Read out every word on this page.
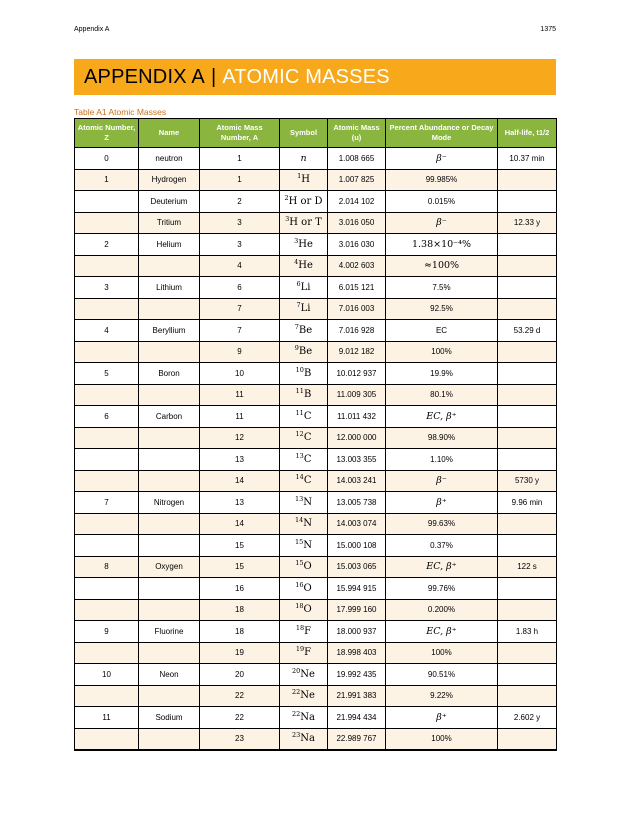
Appendix A	1375
APPENDIX A | ATOMIC MASSES
Table A1 Atomic Masses
Atomic Number, Z	Name	Atomic Mass Number, A	Symbol	Atomic Mass (u)	Percent Abundance or Decay Mode	Half-life, t1/2
0	neutron	1	n	1.008 665	β⁻	10.37 min
1	Hydrogen	1	$^1$H	1.007 825	99.985%	
	Deuterium	2	$^2$H or D	2.014 102	0.015%	
	Tritium	3	$^3$H or T	3.016 050	β⁻	12.33 y
2	Helium	3	$^3$He	3.016 030	1.38×10⁻⁴%	
		4	$^4$He	4.002 603	≈100%	
3	Lithium	6	$^6$Li	6.015 121	7.5%	
		7	$^7$Li	7.016 003	92.5%	
4	Beryllium	7	$^7$Be	7.016 928	EC	53.29 d
		9	$^9$Be	9.012 182	100%	
5	Boron	10	$^{10}$B	10.012 937	19.9%	
		11	$^{11}$B	11.009 305	80.1%	
6	Carbon	11	$^{11}$C	11.011 432	EC, β⁺	
		12	$^{12}$C	12.000 000	98.90%	
		13	$^{13}$C	13.003 355	1.10%	
		14	$^{14}$C	14.003 241	β⁻	5730 y
7	Nitrogen	13	$^{13}$N	13.005 738	β⁺	9.96 min
		14	$^{14}$N	14.003 074	99.63%	
		15	$^{15}$N	15.000 108	0.37%	
8	Oxygen	15	$^{15}$O	15.003 065	EC, β⁺	122 s
		16	$^{16}$O	15.994 915	99.76%	
		18	$^{18}$O	17.999 160	0.200%	
9	Fluorine	18	$^{18}$F	18.000 937	EC, β⁺	1.83 h
		19	$^{19}$F	18.998 403	100%	
10	Neon	20	$^{20}$Ne	19.992 435	90.51%	
		22	$^{22}$Ne	21.991 383	9.22%	
11	Sodium	22	$^{22}$Na	21.994 434	β⁺	2.602 y
		23	$^{23}$Na	22.989 767	100%	
